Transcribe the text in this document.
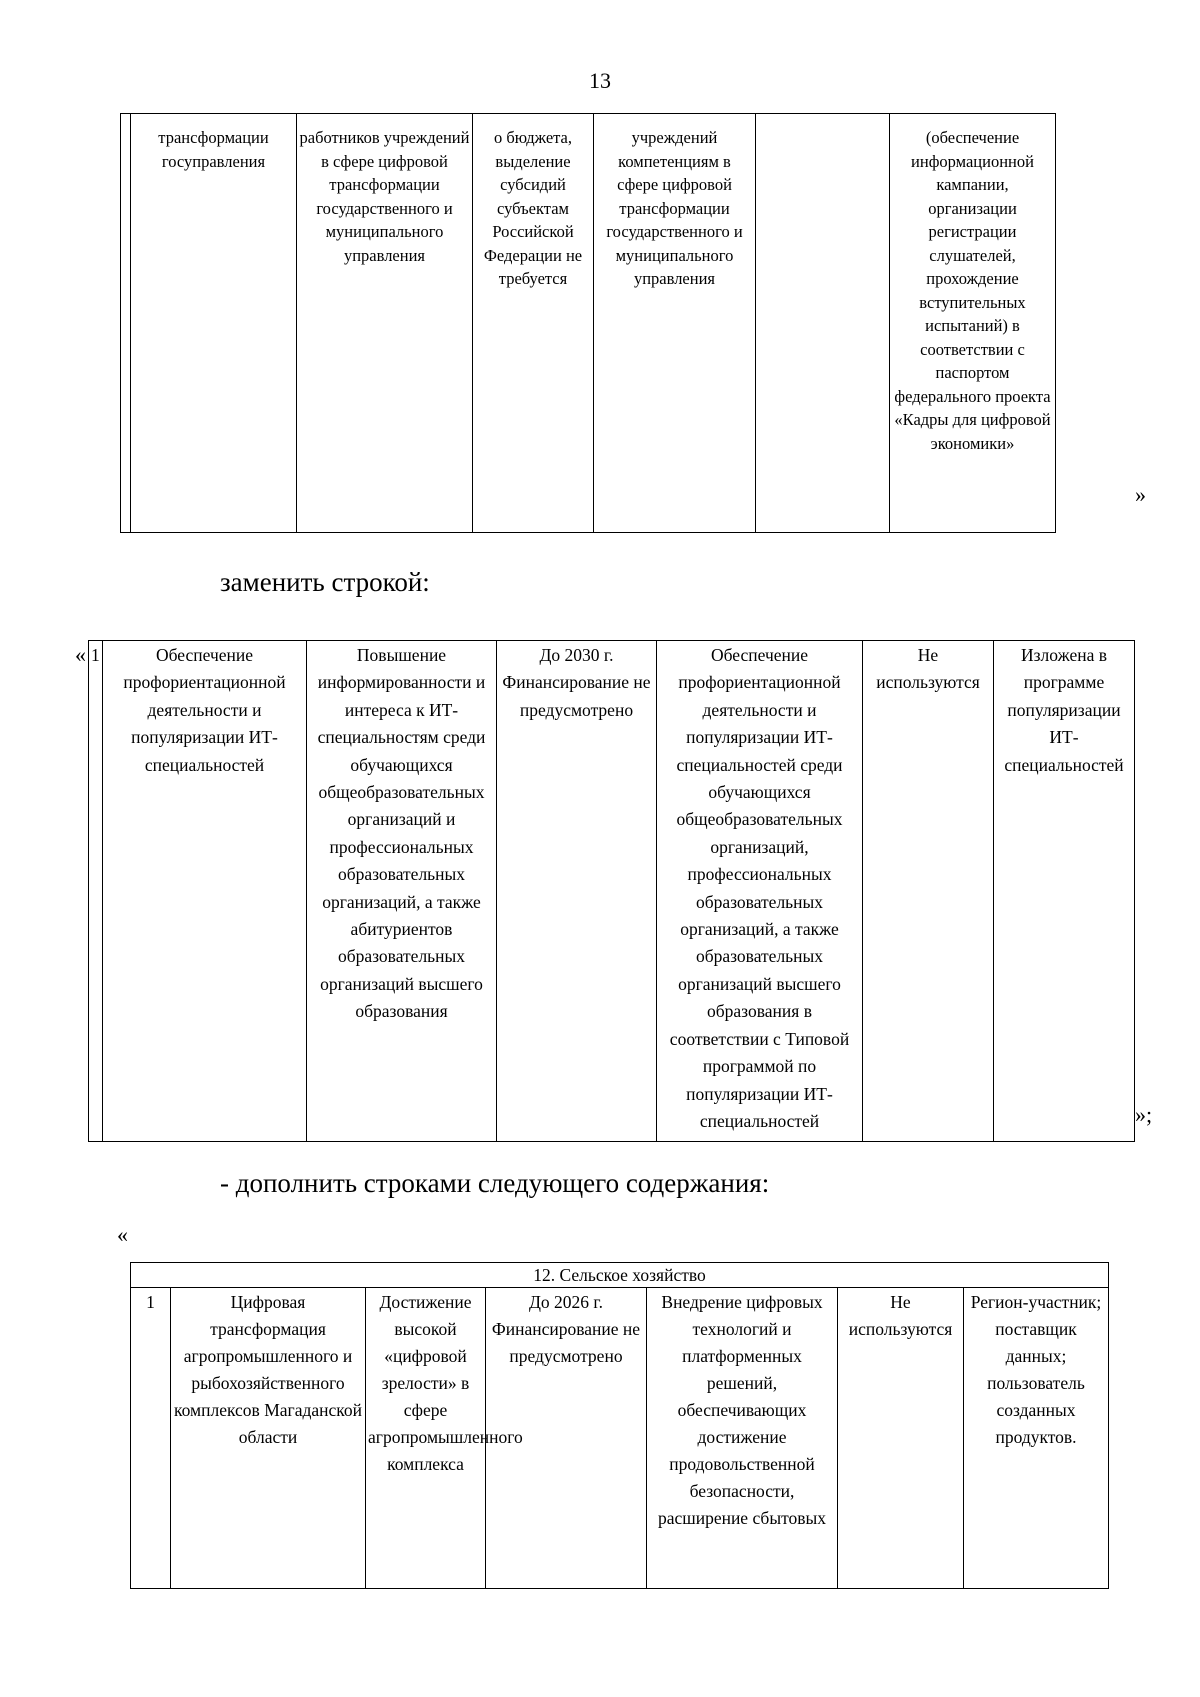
13
	трансформации госуправления	работников учреждений в сфере цифровой трансформации государственного и муниципального управления	о бюджета, выделение субсидий субъектам Российской Федерации не требуется	учреждений компетенциям в сфере цифровой трансформации государственного и муниципального управления		(обеспечение информационной кампании, организации регистрации слушателей, прохождение вступительных испытаний) в соответствии с паспортом федерального проекта «Кадры для цифровой экономики»	
»
заменить строкой:
« 1	Обеспечение профориентационной деятельности и популяризации ИТ-специальностей	Повышение информированности и интереса к ИТ-специальностям среди обучающихся общеобразовательных организаций и профессиональных образовательных организаций, а также абитуриентов образовательных организаций высшего образования	До 2030 г. Финансирование не предусмотрено	Обеспечение профориентационной деятельности и популяризации ИТ-специальностей среди обучающихся общеобразовательных организаций, профессиональных образовательных организаций, а также образовательных организаций высшего образования в соответствии с Типовой программой по популяризации ИТ-специальностей	Не используются	Изложена в программе популяризации ИТ-специальностей
»;
- дополнить строками следующего содержания:
«
12. Сельское хозяйство
1	Цифровая трансформация агропромышленного и рыбохозяйственного комплексов Магаданской области	Достижение высокой «цифровой зрелости» в сфере агропромышленного комплекса	До 2026 г. Финансирование не предусмотрено	Внедрение цифровых технологий и платформенных решений, обеспечивающих достижение продовольственной безопасности, расширение сбытовых	Не используются	Регион-участник; поставщик данных; пользователь созданных продуктов.
